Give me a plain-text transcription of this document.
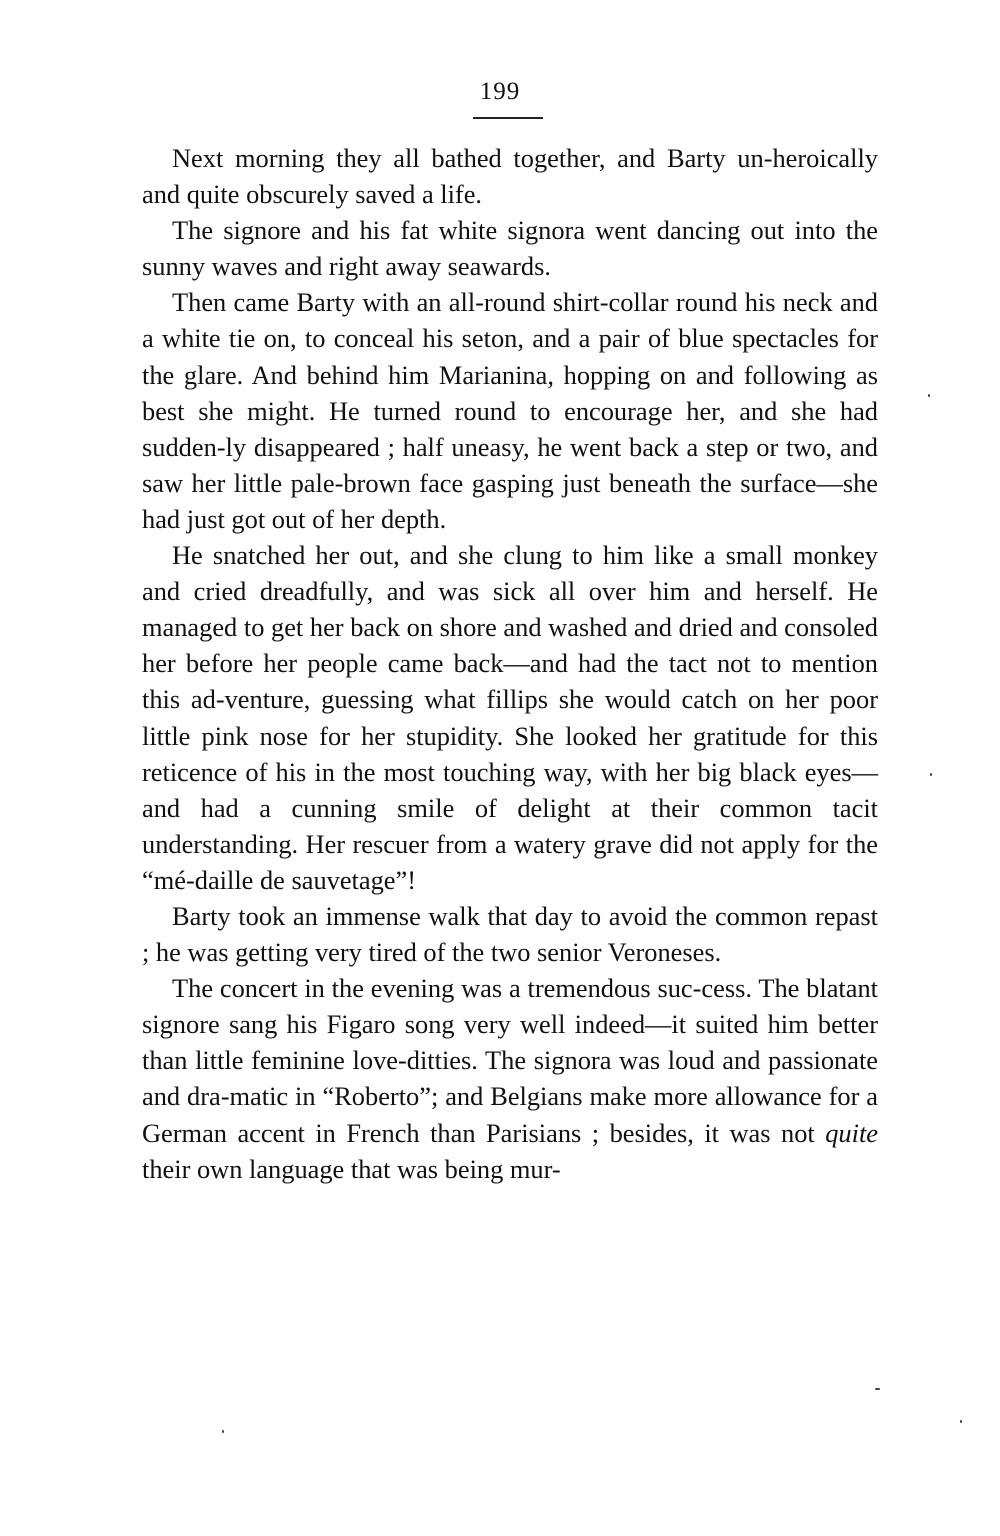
199

Next morning they all bathed together, and Barty un-heroically and quite obscurely saved a life.

The signore and his fat white signora went dancing out into the sunny waves and right away seawards.

Then came Barty with an all-round shirt-collar round his neck and a white tie on, to conceal his seton, and a pair of blue spectacles for the glare. And behind him Marianina, hopping on and following as best she might. He turned round to encourage her, and she had sudden-ly disappeared ; half uneasy, he went back a step or two, and saw her little pale-brown face gasping just beneath the surface—she had just got out of her depth.

He snatched her out, and she clung to him like a small monkey and cried dreadfully, and was sick all over him and herself. He managed to get her back on shore and washed and dried and consoled her before her people came back—and had the tact not to mention this ad-venture, guessing what fillips she would catch on her poor little pink nose for her stupidity. She looked her gratitude for this reticence of his in the most touching way, with her big black eyes—and had a cunning smile of delight at their common tacit understanding. Her rescuer from a watery grave did not apply for the “mé-daille de sauvetage”!

Barty took an immense walk that day to avoid the common repast ; he was getting very tired of the two senior Veroneses.

The concert in the evening was a tremendous suc-cess. The blatant signore sang his Figaro song very well indeed—it suited him better than little feminine love-ditties. The signora was loud and passionate and dra-matic in “Roberto”; and Belgians make more allowance for a German accent in French than Parisians ; besides, it was not quite their own language that was being mur-
